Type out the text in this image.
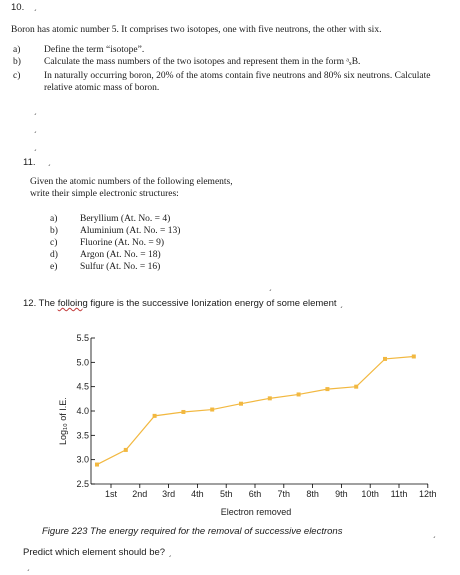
10. ˏ
Boron has atomic number 5. It comprises two isotopes, one with five neutrons, the other with six.
a) Define the term “isotope”.
b) Calculate the mass numbers of the two isotopes and represent them in the form ᵃₓB.
c) In naturally occurring boron, 20% of the atoms contain five neutrons and 80% six neutrons. Calculate
relative atomic mass of boron.
ˏ
ˏ
ˏ
11. ˏ
Given the atomic numbers of the following elements,
write their simple electronic structures:
a) Beryllium (At. No. = 4)
b) Aluminium (At. No. = 13)
c) Fluorine (At. No. = 9)
d) Argon (At. No. = 18)
e) Sulfur (At. No. = 16)
ˏ
12. The folloing figure is the successive Ionization energy of some element ˏ
2.5
3.0
3.5
4.0
4.5
5.0
5.5
1st 2nd 3rd 4th 5th 6th 7th 8th 9th 10th 11th 12th
Log₁₀ of I.E.
Electron removed
Figure 223 The energy required for the removal of successive electrons	ˏ
Predict which element should be? ˏ
ˏ
